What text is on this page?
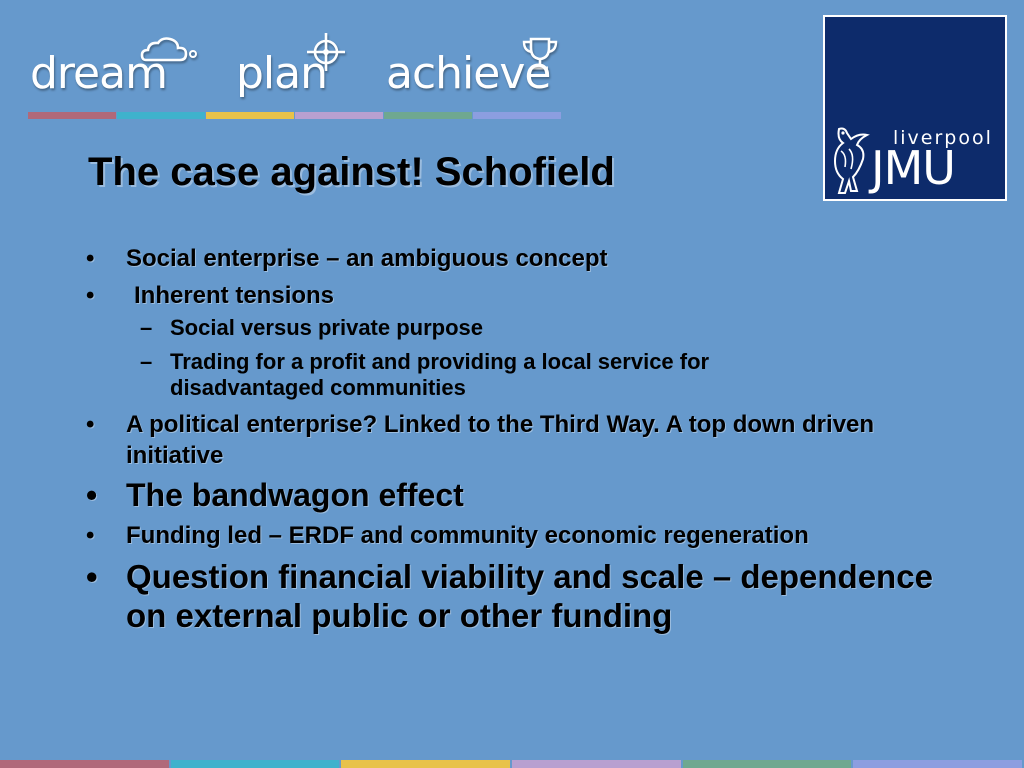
dream plan achieve
liverpool
JMU
The case against! Schofield
• Social enterprise – an ambiguous concept
• Inherent tensions
– Social versus private purpose
– Trading for a profit and providing a local service for disadvantaged communities
• A political enterprise? Linked to the Third Way. A top down driven initiative
• The bandwagon effect
• Funding led – ERDF and community economic regeneration
• Question financial viability and scale – dependence on external public or other funding
